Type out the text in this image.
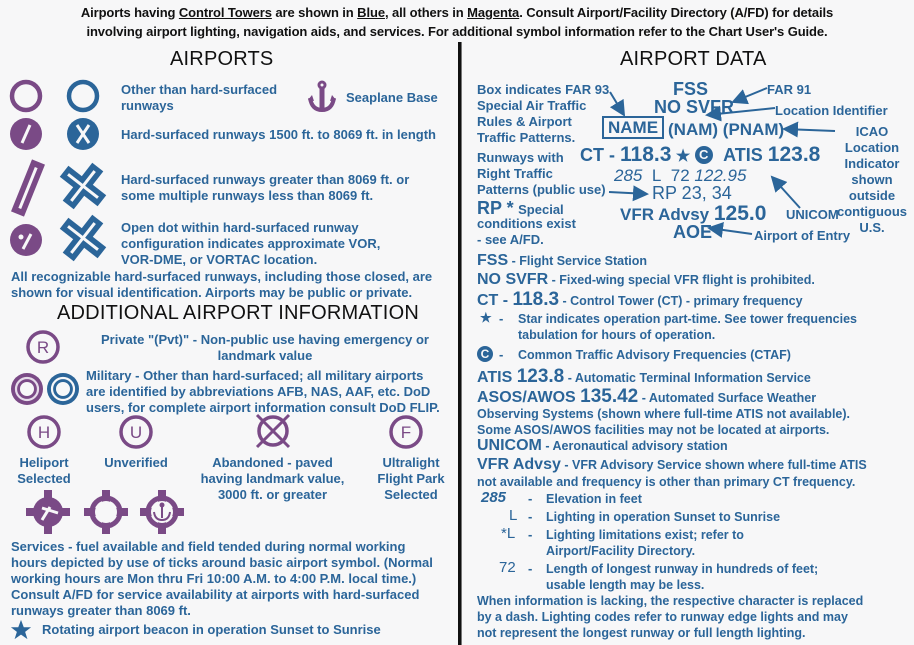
Airports having Control Towers are shown in Blue, all others in Magenta. Consult Airport/Facility Directory (A/FD) for details
involving airport lighting, navigation aids, and services. For additional symbol information refer to the Chart User's Guide.
AIRPORTS
Other than hard-surfaced
runways
Seaplane Base
Hard-surfaced runways 1500 ft. to 8069 ft. in length
Hard-surfaced runways greater than 8069 ft. or
some multiple runways less than 8069 ft.
Open dot within hard-surfaced runway
configuration indicates approximate VOR,
VOR-DME, or VORTAC location.
All recognizable hard-surfaced runways, including those closed, are
shown for visual identification. Airports may be public or private.
ADDITIONAL AIRPORT INFORMATION
R	Private "(Pvt)" - Non-public use having emergency or
landmark value
Military - Other than hard-surfaced; all military airports
are identified by abbreviations AFB, NAS, AAF, etc. DoD
users, for complete airport information consult DoD FLIP.
H
Heliport
Selected
U
Unverified	Abandoned - paved
having landmark value,
3000 ft. or greater
F
Ultralight
Flight Park
Selected
Services - fuel available and field tended during normal working
hours depicted by use of ticks around basic airport symbol. (Normal
working hours are Mon thru Fri 10:00 A.M. to 4:00 P.M. local time.)
Consult A/FD for service availability at airports with hard-surfaced
runways greater than 8069 ft.
Rotating airport beacon in operation Sunset to Sunrise
AIRPORT DATA
Box indicates FAR 93
Special Air Traffic
Rules & Airport
Traffic Patterns.
FSS
NO SVFR
FAR 91
Location Identifier
NAME (NAM) (PNAM)	ICAO
Location
Indicator
shown outside
contiguous U.S.
Runways with
Right Traffic
Patterns (public use)
CT - 118.3 ★ C ATIS 123.8
285 L 72 122.95
RP 23, 34
RP * Special
conditions exist
- see A/FD.
VFR Advsy 125.0 UNICOM
AOE	Airport of Entry
FSS - Flight Service Station
NO SVFR - Fixed-wing special VFR flight is prohibited.
CT - 118.3 - Control Tower (CT) - primary frequency
★ - Star indicates operation part-time. See tower frequencies
tabulation for hours of operation.
C - Common Traffic Advisory Frequencies (CTAF)
ATIS 123.8 - Automatic Terminal Information Service
ASOS/AWOS 135.42 - Automated Surface Weather
Observing Systems (shown where full-time ATIS not available).
Some ASOS/AWOS facilities may not be located at airports.
UNICOM - Aeronautical advisory station
VFR Advsy - VFR Advisory Service shown where full-time ATIS
not available and frequency is other than primary CT frequency.
285 - Elevation in feet
L - Lighting in operation Sunset to Sunrise
*L - Lighting limitations exist; refer to
Airport/Facility Directory.
72 - Length of longest runway in hundreds of feet;
usable length may be less.
When information is lacking, the respective character is replaced
by a dash. Lighting codes refer to runway edge lights and may
not represent the longest runway or full length lighting.
